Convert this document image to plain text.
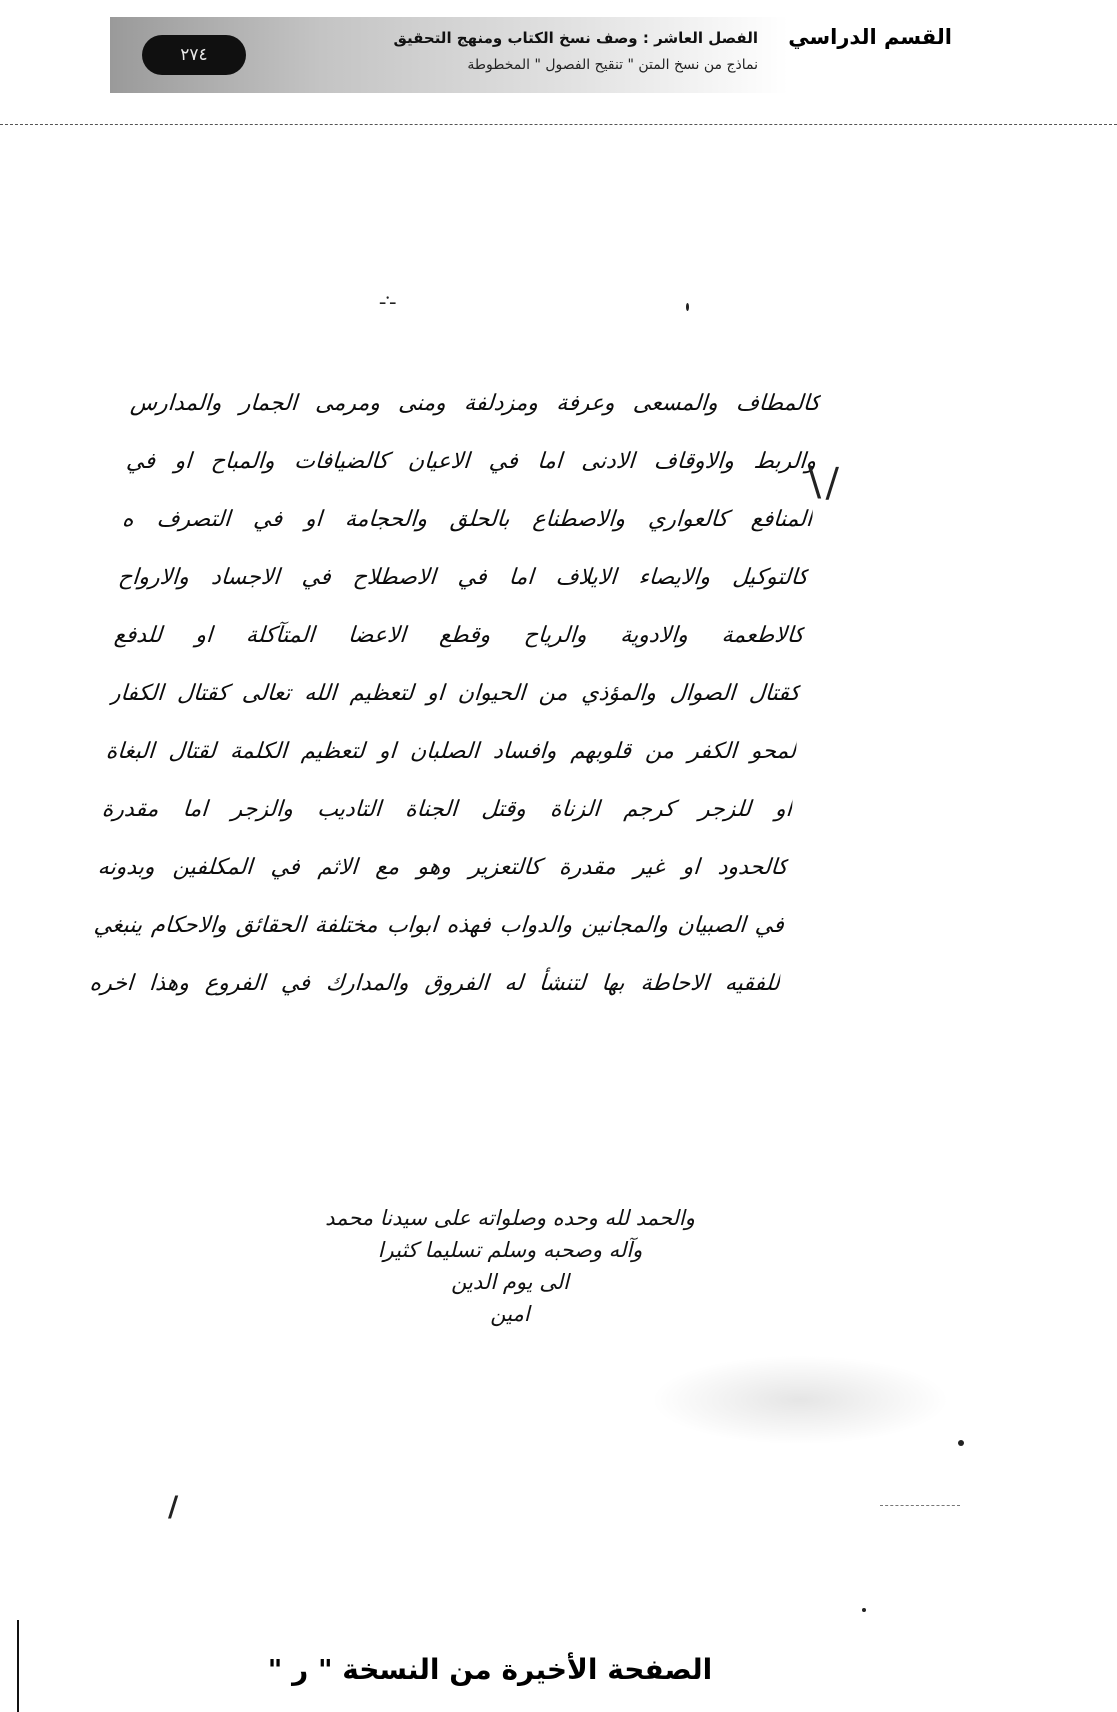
٢٧٤
القسم الدراسي
الفصل العاشر : وصف نسخ الكتاب ومنهج التحقيق
نماذج من نسخ المتن " تنقيح الفصول " المخطوطة
ـ⸱ـ
كالمطاف والمسعى وعرفة ومزدلفة ومنى ومرمى الجمار والمدارس
والربط والاوقاف الادنى اما في الاعيان كالضيافات والمباح او في
المنافع كالعواري والاصطناع بالحلق والحجامة او في التصرف ه
كالتوكيل والايصاء الايلاف اما في الاصطلاح في الاجساد والارواح
كالاطعمة والادوية والرياح وقطع الاعضا المتآكلة او للدفع
كقتال الصوال والمؤذي من الحيوان او لتعظيم الله تعالى كقتال الكفار
لمحو الكفر من قلوبهم وافساد الصلبان او لتعظيم الكلمة لقتال البغاة
او للزجر كرجم الزناة وقتل الجناة التاديب والزجر اما مقدرة
كالحدود او غير مقدرة كالتعزير وهو مع الاثم في المكلفين وبدونه
في الصبيان والمجانين والدواب فهذه ابواب مختلفة الحقائق والاحكام ينبغي
للفقيه الاحاطة بها لتنشأ له الفروق والمدارك في الفروع وهذا اخره
∖∕
والحمد لله وحده وصلواته على سيدنا محمد
وآله وصحبه وسلم تسليما كثيرا
الى يوم الدين
امين
/
الصفحة الأخيرة من النسخة " ر "
